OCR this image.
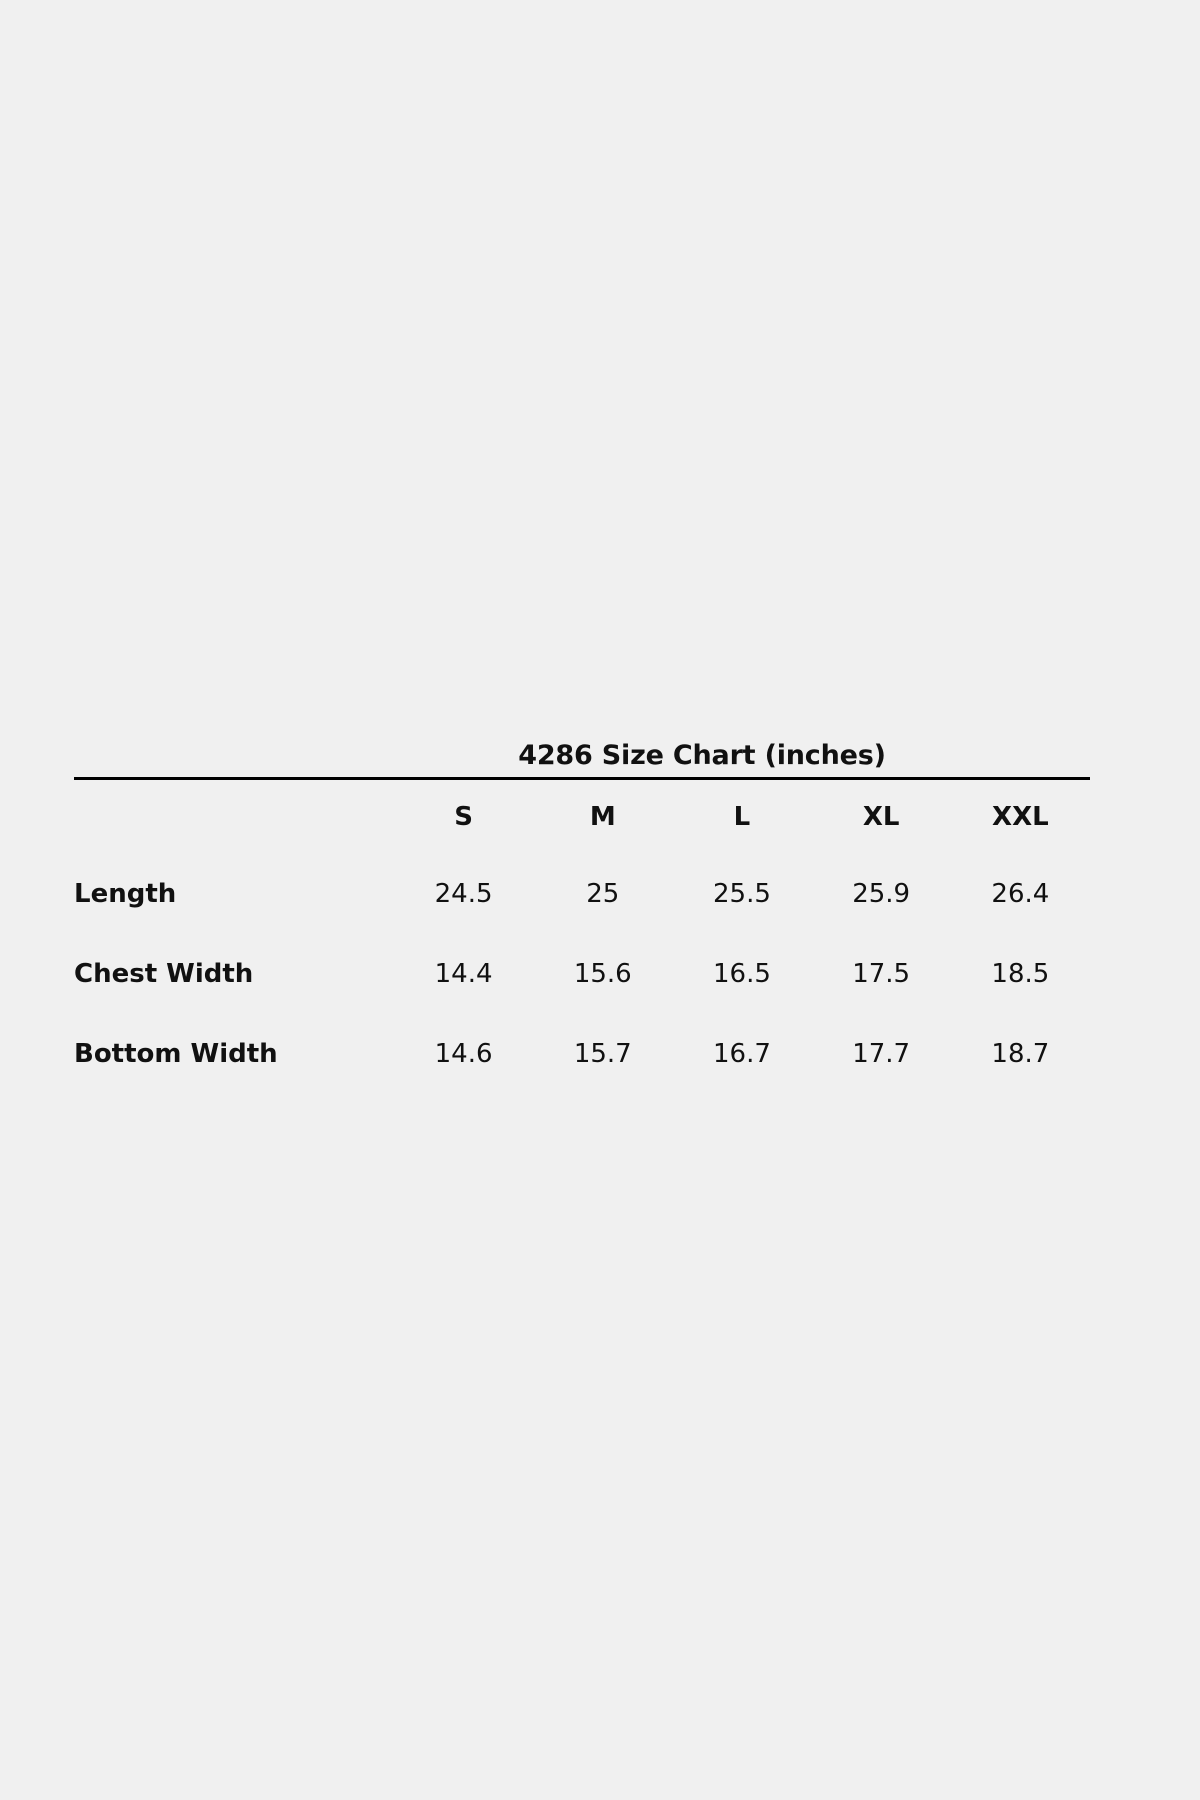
4286 Size Chart (inches)
	S	M	L	XL	XXL
Length	24.5	25	25.5	25.9	26.4
Chest Width	14.4	15.6	16.5	17.5	18.5
Bottom Width	14.6	15.7	16.7	17.7	18.7
